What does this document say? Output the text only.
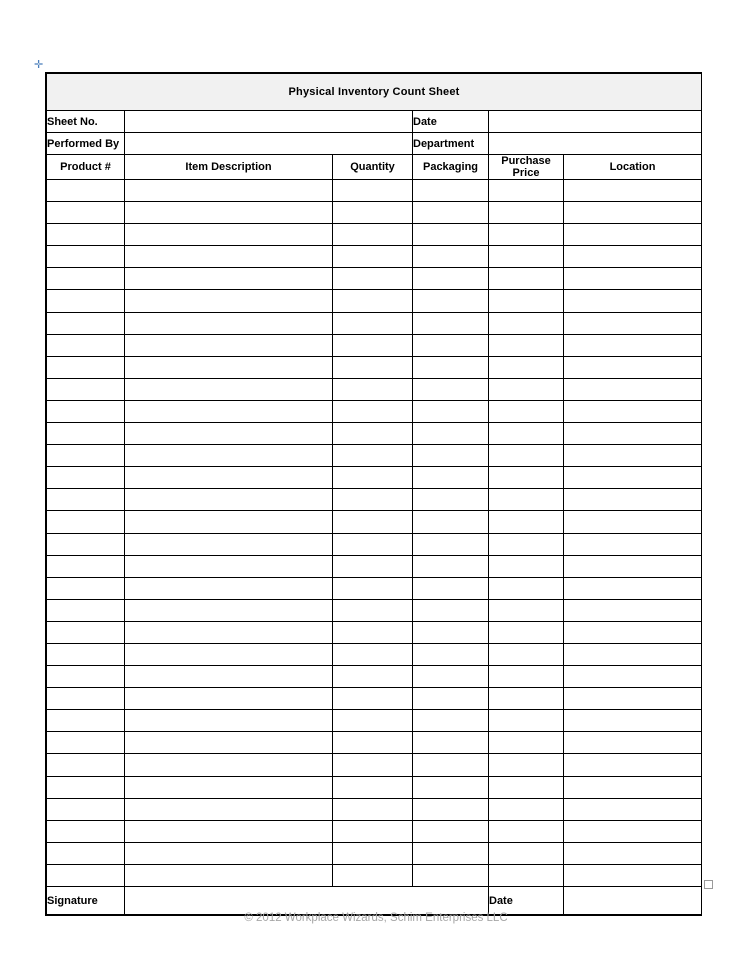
✛
Physical Inventory Count Sheet					
Sheet No.			Date		
Performed By			Department		
Product #	Item Description	Quantity	Packaging	Purchase Price	Location

Signature				Date	
© 2012 Workplace Wizards, Schim Enterprises LLC
